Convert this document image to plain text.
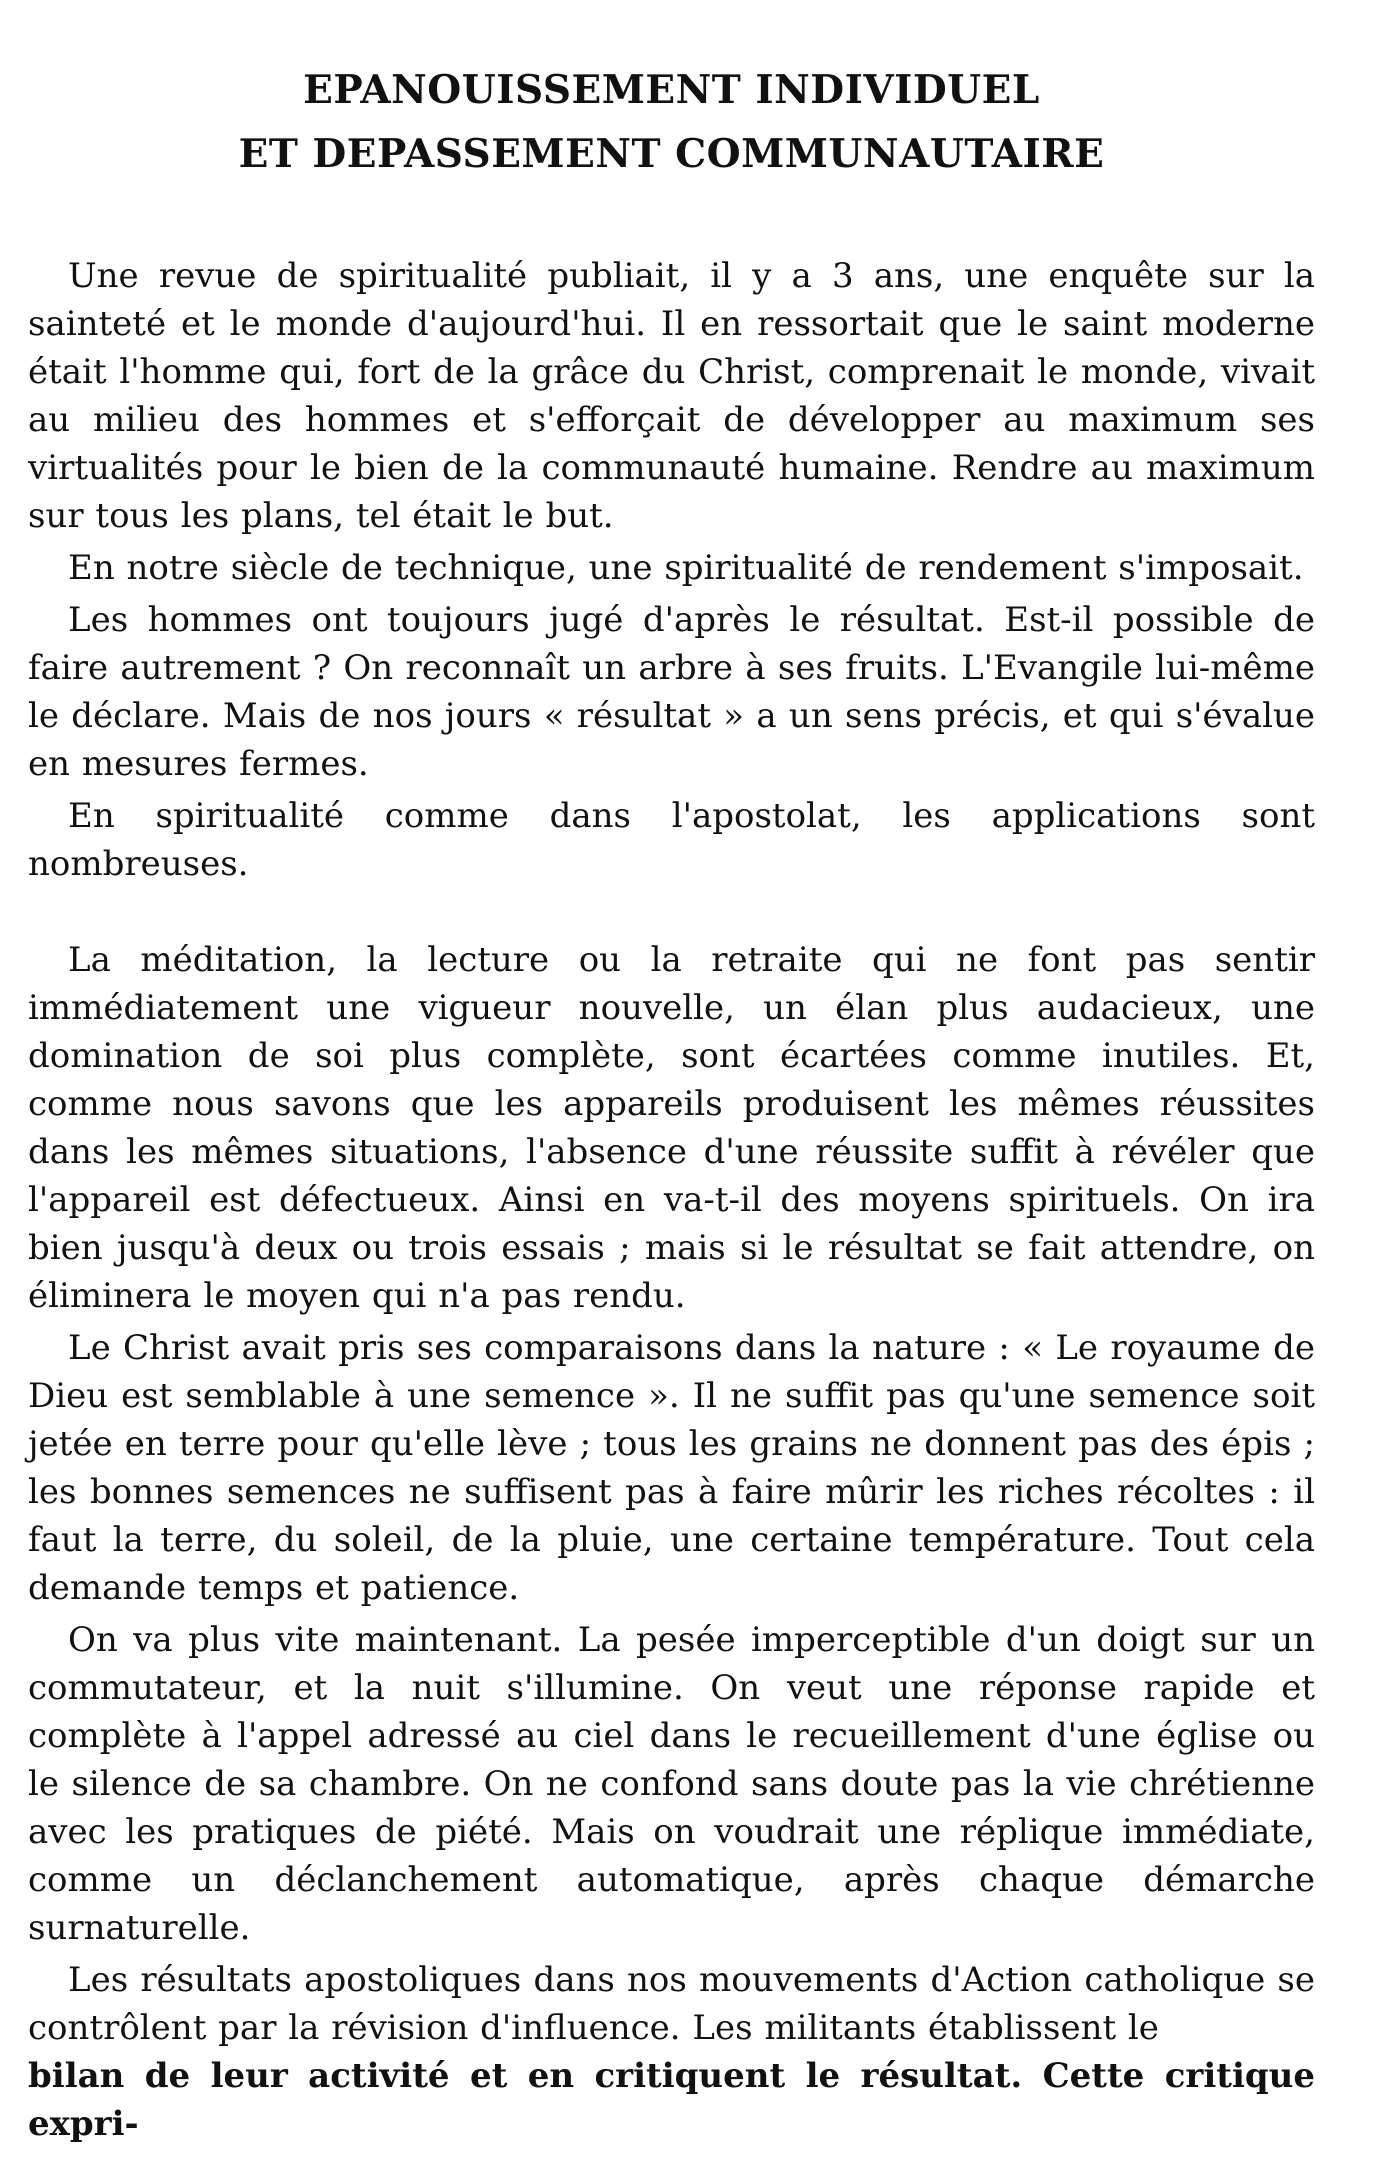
EPANOUISSEMENT INDIVIDUEL
ET DEPASSEMENT COMMUNAUTAIRE

Une revue de spiritualité publiait, il y a 3 ans, une enquête sur la sainteté et le monde d'aujourd'hui. Il en ressortait que le saint moderne était l'homme qui, fort de la grâce du Christ, comprenait le monde, vivait au milieu des hommes et s'efforçait de développer au maximum ses virtualités pour le bien de la communauté humaine. Rendre au maximum sur tous les plans, tel était le but.

En notre siècle de technique, une spiritualité de rendement s'imposait.

Les hommes ont toujours jugé d'après le résultat. Est-il possible de faire autrement ? On reconnaît un arbre à ses fruits. L'Evangile lui-même le déclare. Mais de nos jours « résultat » a un sens précis, et qui s'évalue en mesures fermes.

En spiritualité comme dans l'apostolat, les applications sont nombreuses.

La méditation, la lecture ou la retraite qui ne font pas sentir immédiatement une vigueur nouvelle, un élan plus audacieux, une domination de soi plus complète, sont écartées comme inutiles. Et, comme nous savons que les appareils produisent les mêmes réussites dans les mêmes situations, l'absence d'une réussite suffit à révéler que l'appareil est défectueux. Ainsi en va-t-il des moyens spirituels. On ira bien jusqu'à deux ou trois essais ; mais si le résultat se fait attendre, on éliminera le moyen qui n'a pas rendu.

Le Christ avait pris ses comparaisons dans la nature : « Le royaume de Dieu est semblable à une semence ». Il ne suffit pas qu'une semence soit jetée en terre pour qu'elle lève ; tous les grains ne donnent pas des épis ; les bonnes semences ne suffisent pas à faire mûrir les riches récoltes : il faut la terre, du soleil, de la pluie, une certaine température. Tout cela demande temps et patience.

On va plus vite maintenant. La pesée imperceptible d'un doigt sur un commutateur, et la nuit s'illumine. On veut une réponse rapide et complète à l'appel adressé au ciel dans le recueillement d'une église ou le silence de sa chambre. On ne confond sans doute pas la vie chrétienne avec les pratiques de piété. Mais on voudrait une réplique immédiate, comme un déclanchement automatique, après chaque démarche surnaturelle.

Les résultats apostoliques dans nos mouvements d'Action catholique se contrôlent par la révision d'influence. Les militants établissent le

bilan de leur activité et en critiquent le résultat. Cette critique expri-
